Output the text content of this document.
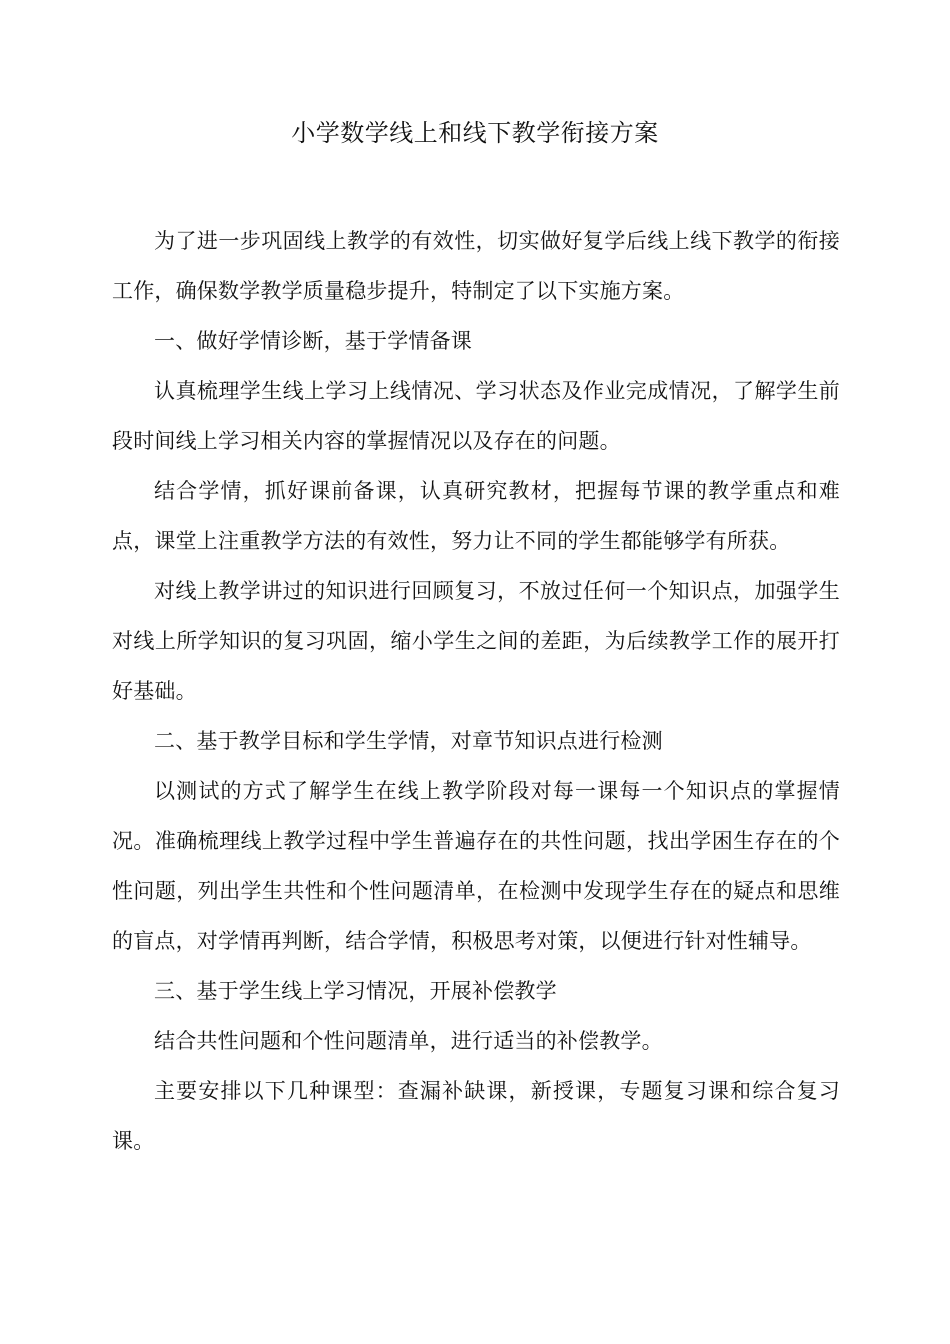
小学数学线上和线下教学衔接方案

为了进一步巩固线上教学的有效性，切实做好复学后线上线下教学的衔接工作，确保数学教学质量稳步提升，特制定了以下实施方案。

一、做好学情诊断，基于学情备课

认真梳理学生线上学习上线情况、学习状态及作业完成情况，了解学生前段时间线上学习相关内容的掌握情况以及存在的问题。

结合学情，抓好课前备课，认真研究教材，把握每节课的教学重点和难点，课堂上注重教学方法的有效性，努力让不同的学生都能够学有所获。

对线上教学讲过的知识进行回顾复习，不放过任何一个知识点，加强学生对线上所学知识的复习巩固，缩小学生之间的差距，为后续教学工作的展开打好基础。

二、基于教学目标和学生学情，对章节知识点进行检测

以测试的方式了解学生在线上教学阶段对每一课每一个知识点的掌握情况。准确梳理线上教学过程中学生普遍存在的共性问题，找出学困生存在的个性问题，列出学生共性和个性问题清单，在检测中发现学生存在的疑点和思维的盲点，对学情再判断，结合学情，积极思考对策，以便进行针对性辅导。

三、基于学生线上学习情况，开展补偿教学

结合共性问题和个性问题清单，进行适当的补偿教学。

主要安排以下几种课型：查漏补缺课，新授课，专题复习课和综合复习课。
